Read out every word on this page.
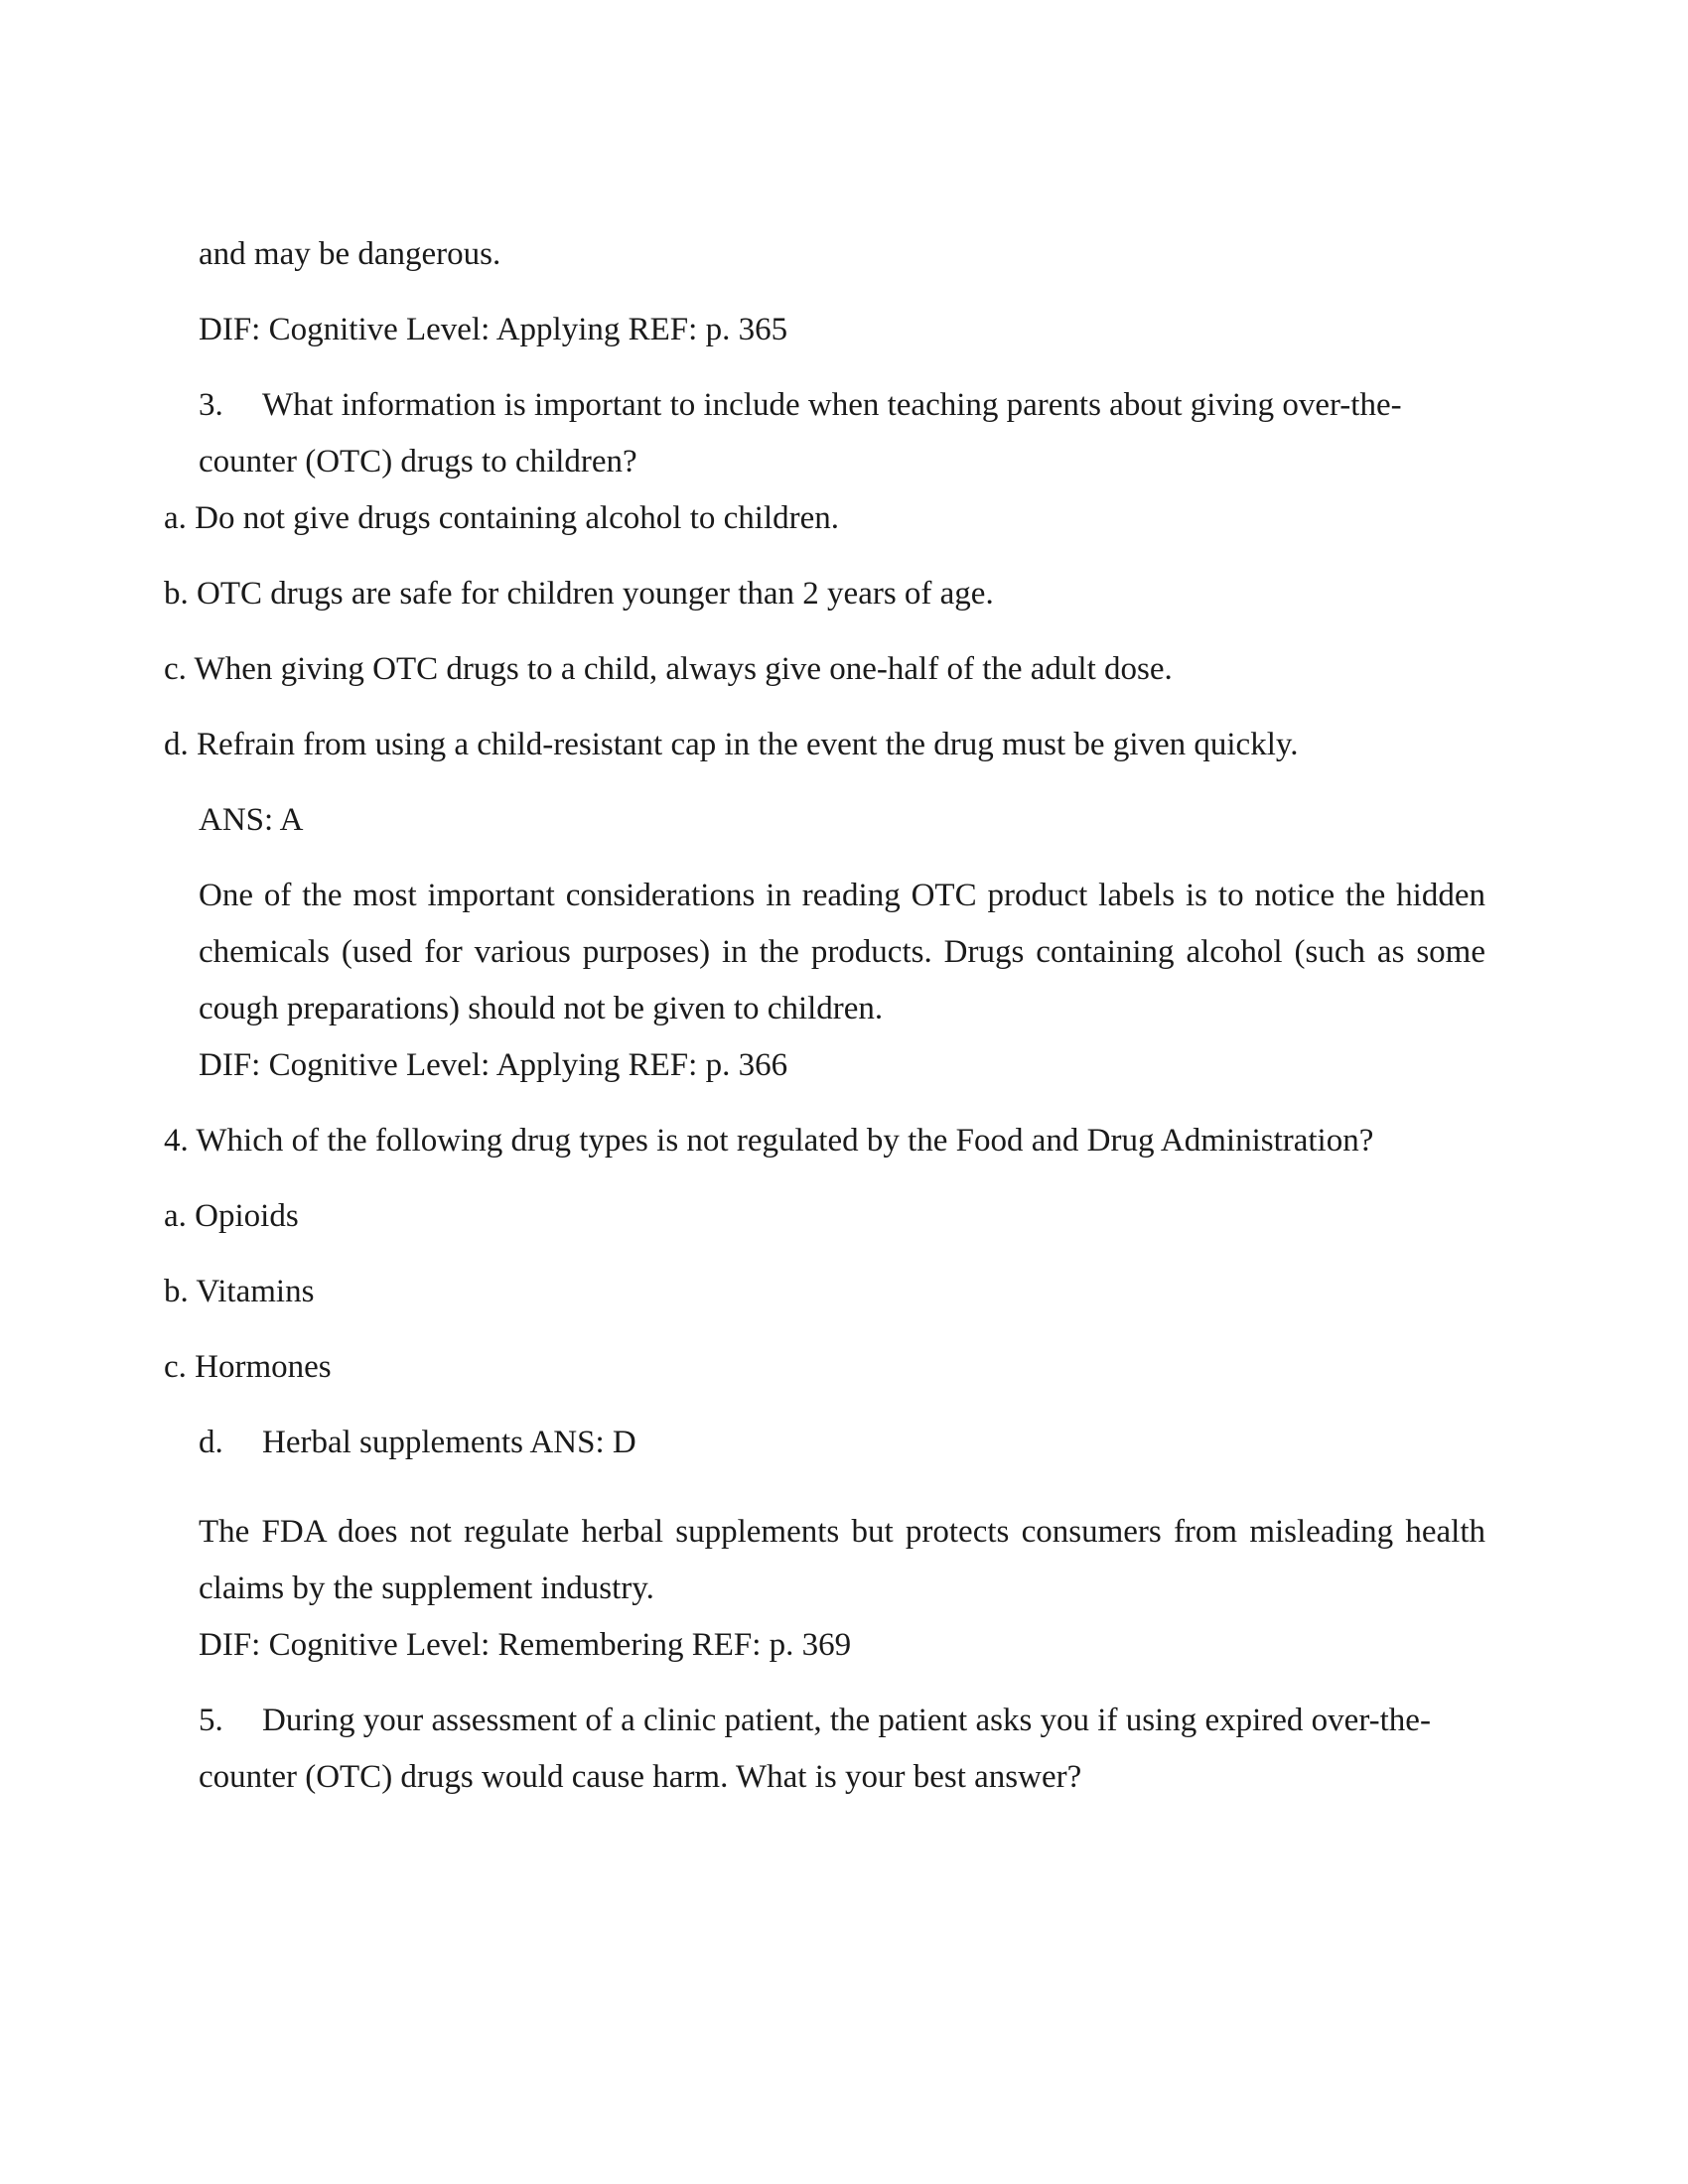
and may be dangerous.

DIF: Cognitive Level: Applying REF: p. 365

3. What information is important to include when teaching parents about giving over-the-

counter (OTC) drugs to children?

a. Do not give drugs containing alcohol to children.

b. OTC drugs are safe for children younger than 2 years of age.

c. When giving OTC drugs to a child, always give one-half of the adult dose.

d. Refrain from using a child-resistant cap in the event the drug must be given quickly.

ANS: A

One of the most important considerations in reading OTC product labels is to notice the hidden chemicals (used for various purposes) in the products. Drugs containing alcohol (such as some cough preparations) should not be given to children.

DIF: Cognitive Level: Applying REF: p. 366

4. Which of the following drug types is not regulated by the Food and Drug Administration?

a. Opioids

b. Vitamins

c. Hormones

d. Herbal supplements ANS: D

The FDA does not regulate herbal supplements but protects consumers from misleading health claims by the supplement industry.

DIF: Cognitive Level: Remembering REF: p. 369

5. During your assessment of a clinic patient, the patient asks you if using expired over-the-

counter (OTC) drugs would cause harm. What is your best answer?
